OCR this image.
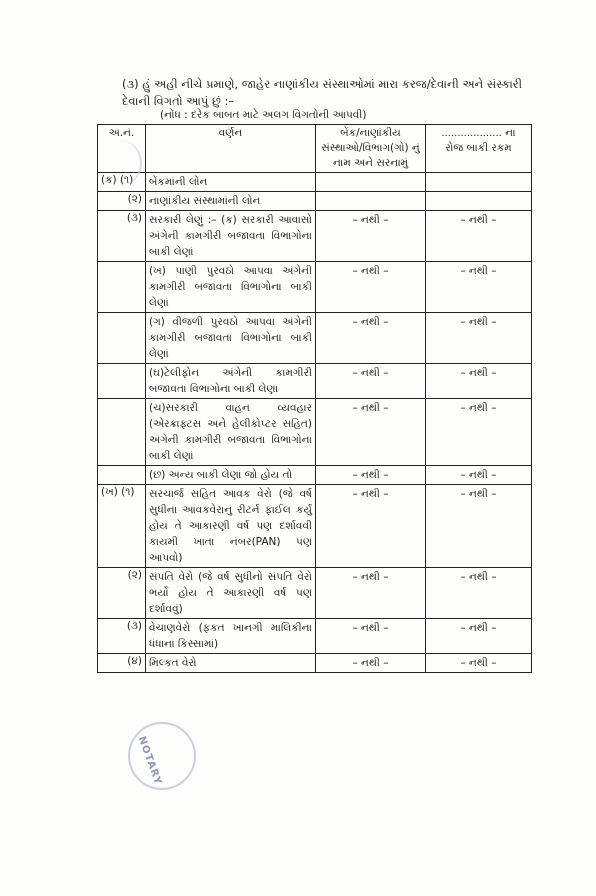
(૩) હું અહી નીચે પ્રમાણે, જાહેર નાણાંકીય સંસ્થાઓમાં મારા કરજ/દેવાની અને સંસ્કારી
દેવાની વિગતો આપું છું :–
(નોંધ : દરેક બાબત માટે અલગ વિગતોની આપવી)
અ.નં.	વર્ણન	બેંક/નાણાંકીય સંસ્થાઓ/વિભાગ(ગો) નું નામ અને સરનામું	................... ના
રોજ બાકી રકમ
(ક) (૧)	બેંકમાંની લોન		
(૨)	નાણાંકીય સંસ્થામાંની લોન		
(૩)	સરકારી લેણું :– (ક) સરકારી આવાસો અંગેની કામગીરી બજાવતા વિભાગોના બાકી લેણાં	– નથી –	– નથી –
	(ખ) પાણી પુરવઠો આપવા અંગેની કામગીરી બજાવતા વિભાગોના બાકી લેણાં	– નથી –	– નથી –
	(ગ) વીજળી પુરવઠો આપવા અંગેની કામગીરી બજાવતા વિભાગોના બાકી લેણાં	– નથી –	– નથી –
	(ઘ)ટેલીફોન અંગેની કામગીરી બજાવતા વિભાગોના બાકી લેણા	– નથી –	– નથી –
	(ચ)સરકારી વાહન વ્યવહાર (એરક્રાફ્ટસ અને હેલીકોપ્ટર સહિત) અંગેની કામગીરી બજાવતા વિભાગોના બાકી લેણાં	– નથી –	– નથી –
	(છ) અન્ય બાકી લેણાં જો હોય તો	– નથી –	– નથી –
(ખ) (૧)	સરચાર્જ સહિત આવક વેરો (જે વર્ષ સુધીના આવકવેરાનું રીટર્ન ફાઈલ કર્યું હોય તે આકારણી વર્ષ પણ દર્શાવવી કાયમી ખાતા નંબર(PAN) પણ આપવો)	– નથી –	– નથી –
(૨)	સંપતિ વેરો (જે વર્ષ સુધીનો સંપતિ વેરો ભર્યો હોય તે આકારણી વર્ષ પણ દર્શાવવું)	– નથી –	– નથી –
(૩)	વેચાણવેરો (ફકત ખાનગી માલિકીના ધંધાના કિસ્સામાં)	– નથી –	– નથી –
(૪)	મિલ્કત વેરો	– નથી –	– નથી –
NOTARY
